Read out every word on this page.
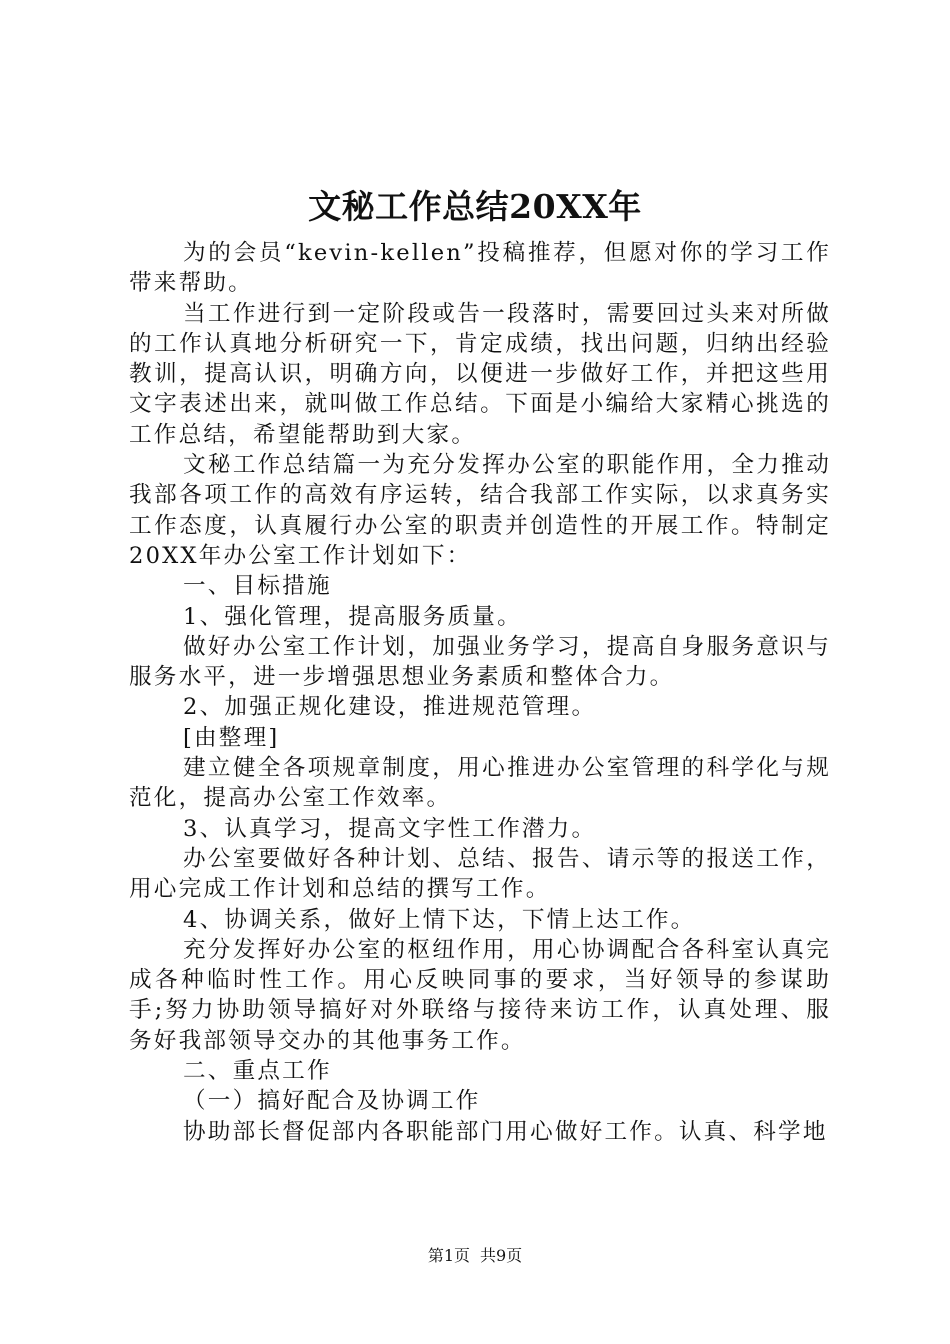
文秘工作总结20XX年

为的会员“kevin-kellen”投稿推荐，但愿对你的学习工作带来帮助。

当工作进行到一定阶段或告一段落时，需要回过头来对所做的工作认真地分析研究一下，肯定成绩，找出问题，归纳出经验教训，提高认识，明确方向，以便进一步做好工作，并把这些用文字表述出来，就叫做工作总结。下面是小编给大家精心挑选的工作总结，希望能帮助到大家。

文秘工作总结篇一为充分发挥办公室的职能作用，全力推动我部各项工作的高效有序运转，结合我部工作实际，以求真务实工作态度，认真履行办公室的职责并创造性的开展工作。特制定20XX年办公室工作计划如下：

一、目标措施

1、强化管理，提高服务质量。

做好办公室工作计划，加强业务学习，提高自身服务意识与服务水平，进一步增强思想业务素质和整体合力。

2、加强正规化建设，推进规范管理。

[由整理]

建立健全各项规章制度，用心推进办公室管理的科学化与规范化，提高办公室工作效率。

3、认真学习，提高文字性工作潜力。

办公室要做好各种计划、总结、报告、请示等的报送工作，用心完成工作计划和总结的撰写工作。

4、协调关系，做好上情下达，下情上达工作。

充分发挥好办公室的枢纽作用，用心协调配合各科室认真完成各种临时性工作。用心反映同事的要求，当好领导的参谋助手;努力协助领导搞好对外联络与接待来访工作，认真处理、服务好我部领导交办的其他事务工作。

二、重点工作

（一）搞好配合及协调工作

协助部长督促部内各职能部门用心做好工作。认真、科学地

第1页 共9页
